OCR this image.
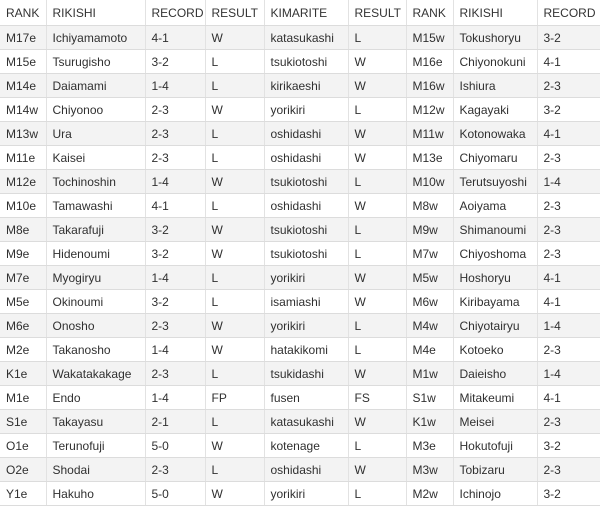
RANK	RIKISHI	RECORD	RESULT	KIMARITE	RESULT	RANK	RIKISHI	RECORD
M17e	Ichiyamamoto	4-1	W	katasukashi	L	M15w	Tokushoryu	3-2
M15e	Tsurugisho	3-2	L	tsukiotoshi	W	M16e	Chiyonokuni	4-1
M14e	Daiamami	1-4	L	kirikaeshi	W	M16w	Ishiura	2-3
M14w	Chiyonoo	2-3	W	yorikiri	L	M12w	Kagayaki	3-2
M13w	Ura	2-3	L	oshidashi	W	M11w	Kotonowaka	4-1
M11e	Kaisei	2-3	L	oshidashi	W	M13e	Chiyomaru	2-3
M12e	Tochinoshin	1-4	W	tsukiotoshi	L	M10w	Terutsuyoshi	1-4
M10e	Tamawashi	4-1	L	oshidashi	W	M8w	Aoiyama	2-3
M8e	Takarafuji	3-2	W	tsukiotoshi	L	M9w	Shimanoumi	2-3
M9e	Hidenoumi	3-2	W	tsukiotoshi	L	M7w	Chiyoshoma	2-3
M7e	Myogiryu	1-4	L	yorikiri	W	M5w	Hoshoryu	4-1
M5e	Okinoumi	3-2	L	isamiashi	W	M6w	Kiribayama	4-1
M6e	Onosho	2-3	W	yorikiri	L	M4w	Chiyotairyu	1-4
M2e	Takanosho	1-4	W	hatakikomi	L	M4e	Kotoeko	2-3
K1e	Wakatakakage	2-3	L	tsukidashi	W	M1w	Daieisho	1-4
M1e	Endo	1-4	FP	fusen	FS	S1w	Mitakeumi	4-1
S1e	Takayasu	2-1	L	katasukashi	W	K1w	Meisei	2-3
O1e	Terunofuji	5-0	W	kotenage	L	M3e	Hokutofuji	3-2
O2e	Shodai	2-3	L	oshidashi	W	M3w	Tobizaru	2-3
Y1e	Hakuho	5-0	W	yorikiri	L	M2w	Ichinojo	3-2
